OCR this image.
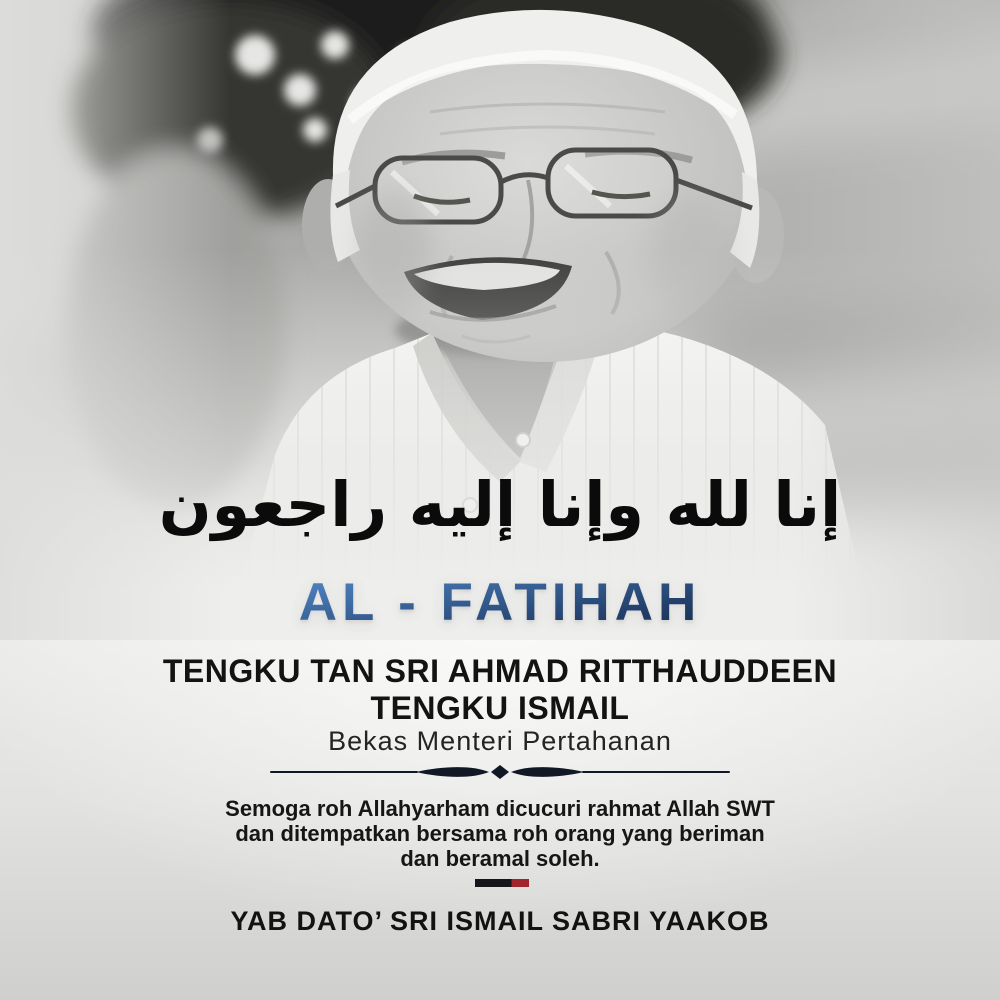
إنا لله وإنا إليه راجعون
AL - FATIHAH
TENGKU TAN SRI AHMAD RITTHAUDDEEN
TENGKU ISMAIL
Bekas Menteri Pertahanan
Semoga roh Allahyarham dicucuri rahmat Allah SWT
dan ditempatkan bersama roh orang yang beriman
dan beramal soleh.
YAB DATO’ SRI ISMAIL SABRI YAAKOB
